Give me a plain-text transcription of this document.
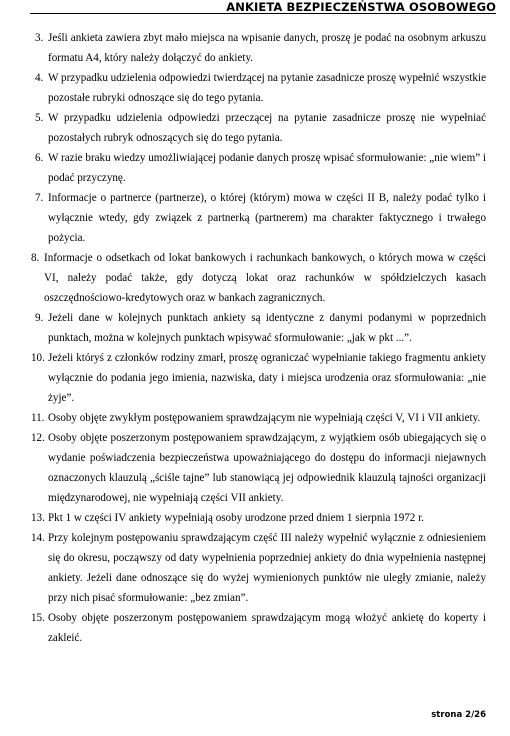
ANKIETA BEZPIECZEŃSTWA OSOBOWEGO
3. Jeśli ankieta zawiera zbyt mało miejsca na wpisanie danych, proszę je podać na osobnym arkuszu formatu A4, który należy dołączyć do ankiety.
4. W przypadku udzielenia odpowiedzi twierdzącej na pytanie zasadnicze proszę wypełnić wszystkie pozostałe rubryki odnoszące się do tego pytania.
5. W przypadku udzielenia odpowiedzi przeczącej na pytanie zasadnicze proszę nie wypełniać pozostałych rubryk odnoszących się do tego pytania.
6. W razie braku wiedzy umożliwiającej podanie danych proszę wpisać sformułowanie: „nie wiem” i podać przyczynę.
7. Informacje o partnerce (partnerze), o której (którym) mowa w części II B, należy podać tylko i wyłącznie wtedy, gdy związek z partnerką (partnerem) ma charakter faktycznego i trwałego pożycia.
8. Informacje o odsetkach od lokat bankowych i rachunkach bankowych, o których mowa w części VI, należy podać także, gdy dotyczą lokat oraz rachunków w spółdzielczych kasach oszczędnościowo-kredytowych oraz w bankach zagranicznych.
9. Jeżeli dane w kolejnych punktach ankiety są identyczne z danymi podanymi w poprzednich punktach, można w kolejnych punktach wpisywać sformułowanie: „jak w pkt ...”.
10. Jeżeli któryś z członków rodziny zmarł, proszę ograniczać wypełnianie takiego fragmentu ankiety wyłącznie do podania jego imienia, nazwiska, daty i miejsca urodzenia oraz sformułowania: „nie żyje”.
11. Osoby objęte zwykłym postępowaniem sprawdzającym nie wypełniają części V, VI i VII ankiety.
12. Osoby objęte poszerzonym postępowaniem sprawdzającym, z wyjątkiem osób ubiegających się o wydanie poświadczenia bezpieczeństwa upoważniającego do dostępu do informacji niejawnych oznaczonych klauzulą „ściśle tajne” lub stanowiącą jej odpowiednik klauzulą tajności organizacji międzynarodowej, nie wypełniają części VII ankiety.
13. Pkt 1 w części IV ankiety wypełniają osoby urodzone przed dniem 1 sierpnia 1972 r.
14. Przy kolejnym postępowaniu sprawdzającym część III należy wypełnić wyłącznie z odniesieniem się do okresu, począwszy od daty wypełnienia poprzedniej ankiety do dnia wypełnienia następnej ankiety. Jeżeli dane odnoszące się do wyżej wymienionych punktów nie uległy zmianie, należy przy nich pisać sformułowanie: „bez zmian”.
15. Osoby objęte poszerzonym postępowaniem sprawdzającym mogą włożyć ankietę do koperty i zakleić.
strona 2/26
